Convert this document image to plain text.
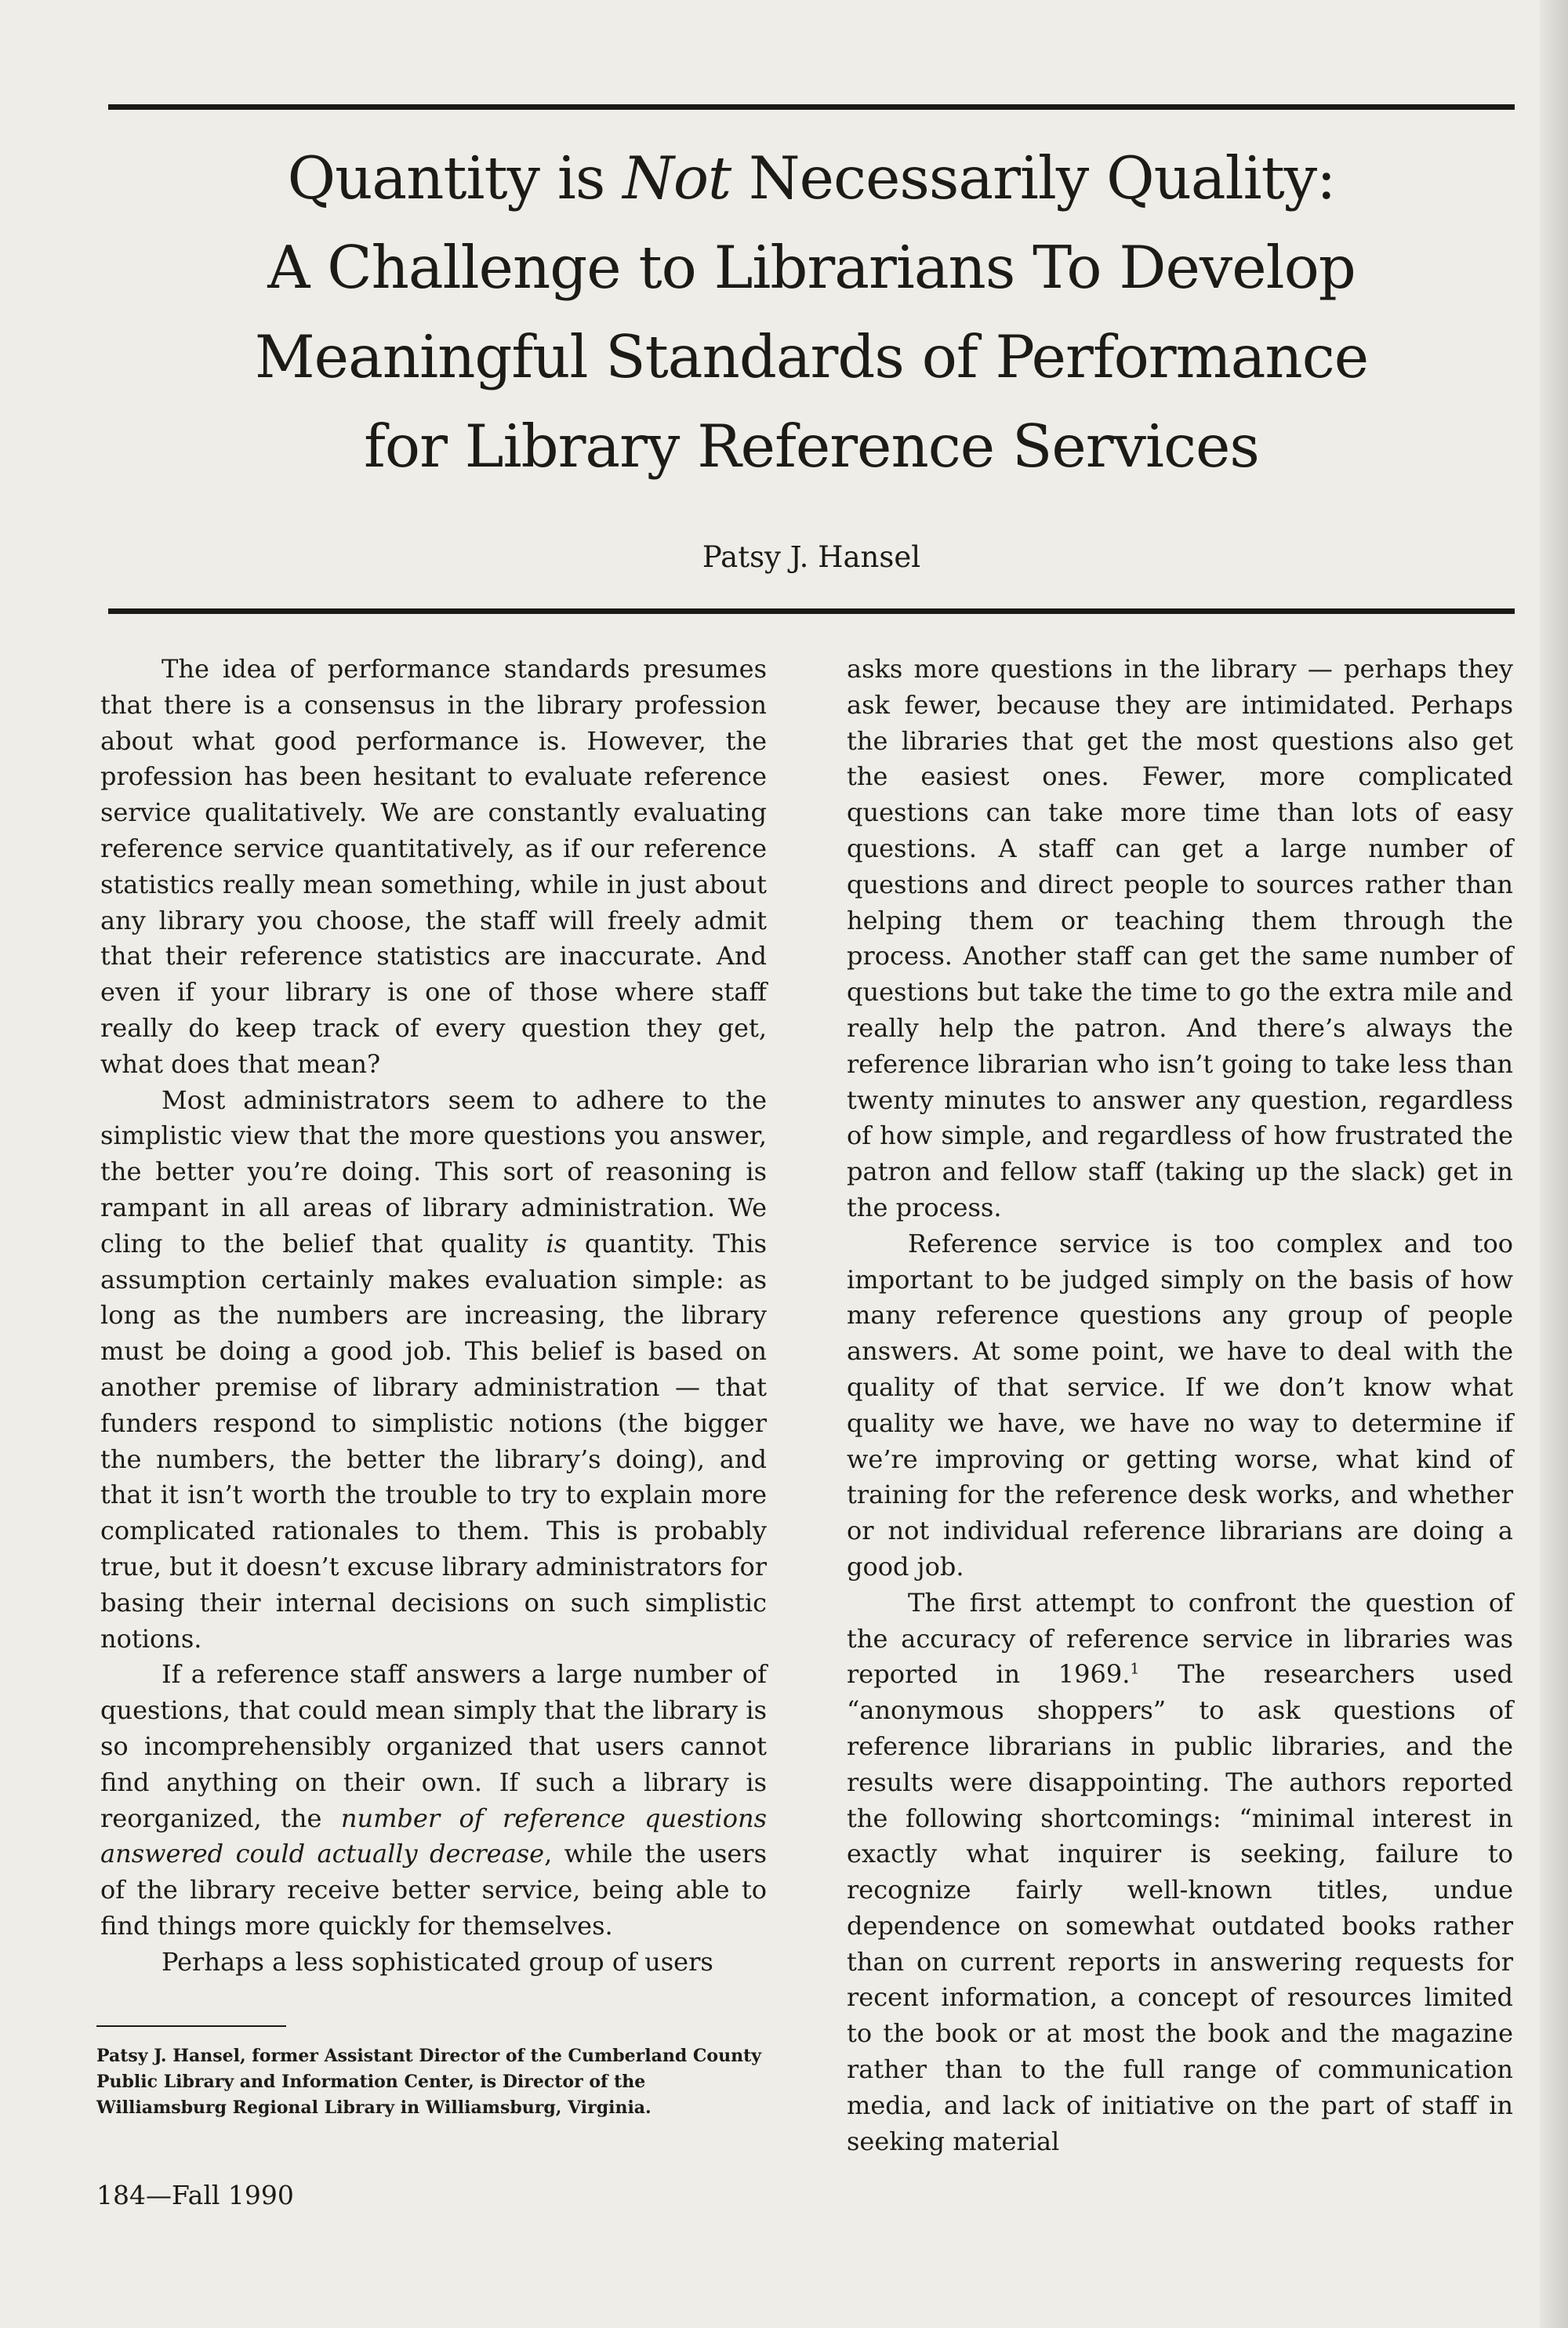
Quantity is Not Necessarily Quality:
A Challenge to Librarians To Develop
Meaningful Standards of Performance
for Library Reference Services
Patsy J. Hansel

The idea of performance standards presumes that there is a consensus in the library profession about what good performance is. However, the profession has been hesitant to evaluate reference service qualitatively. We are constantly evaluating reference service quantitatively, as if our reference statistics really mean something, while in just about any library you choose, the staff will freely admit that their reference statistics are inaccurate. And even if your library is one of those where staff really do keep track of every question they get, what does that mean?

Most administrators seem to adhere to the simplistic view that the more questions you answer, the better you’re doing. This sort of reasoning is rampant in all areas of library administration. We cling to the belief that quality is quantity. This assumption certainly makes evaluation simple: as long as the numbers are increasing, the library must be doing a good job. This belief is based on another premise of library administration — that funders respond to simplistic notions (the bigger the numbers, the better the library’s doing), and that it isn’t worth the trouble to try to explain more complicated rationales to them. This is probably true, but it doesn’t excuse library administrators for basing their internal decisions on such simplistic notions.

If a reference staff answers a large number of questions, that could mean simply that the library is so incomprehensibly organized that users cannot find anything on their own. If such a library is reorganized, the number of reference questions answered could actually decrease, while the users of the library receive better service, being able to find things more quickly for themselves.

Perhaps a less sophisticated group of users

asks more questions in the library — perhaps they ask fewer, because they are intimidated. Perhaps the libraries that get the most questions also get the easiest ones. Fewer, more complicated questions can take more time than lots of easy questions. A staff can get a large number of questions and direct people to sources rather than helping them or teaching them through the process. Another staff can get the same number of questions but take the time to go the extra mile and really help the patron. And there’s always the reference librarian who isn’t going to take less than twenty minutes to answer any question, regardless of how simple, and regardless of how frustrated the patron and fellow staff (taking up the slack) get in the process.

Reference service is too complex and too important to be judged simply on the basis of how many reference questions any group of people answers. At some point, we have to deal with the quality of that service. If we don’t know what quality we have, we have no way to determine if we’re improving or getting worse, what kind of training for the reference desk works, and whether or not individual reference librarians are doing a good job.

The first attempt to confront the question of the accuracy of reference service in libraries was reported in 1969.$^1$ The researchers used “anonymous shoppers” to ask questions of reference librarians in public libraries, and the results were disappointing. The authors reported the following shortcomings: “minimal interest in exactly what inquirer is seeking, failure to recognize fairly well-known titles, undue dependence on somewhat outdated books rather than on current reports in answering requests for recent information, a concept of resources limited to the book or at most the book and the magazine rather than to the full range of communication media, and lack of initiative on the part of staff in seeking material

Patsy J. Hansel, former Assistant Director of the Cumberland County Public Library and Information Center, is Director of the Williamsburg Regional Library in Williamsburg, Virginia.

184—Fall 1990
